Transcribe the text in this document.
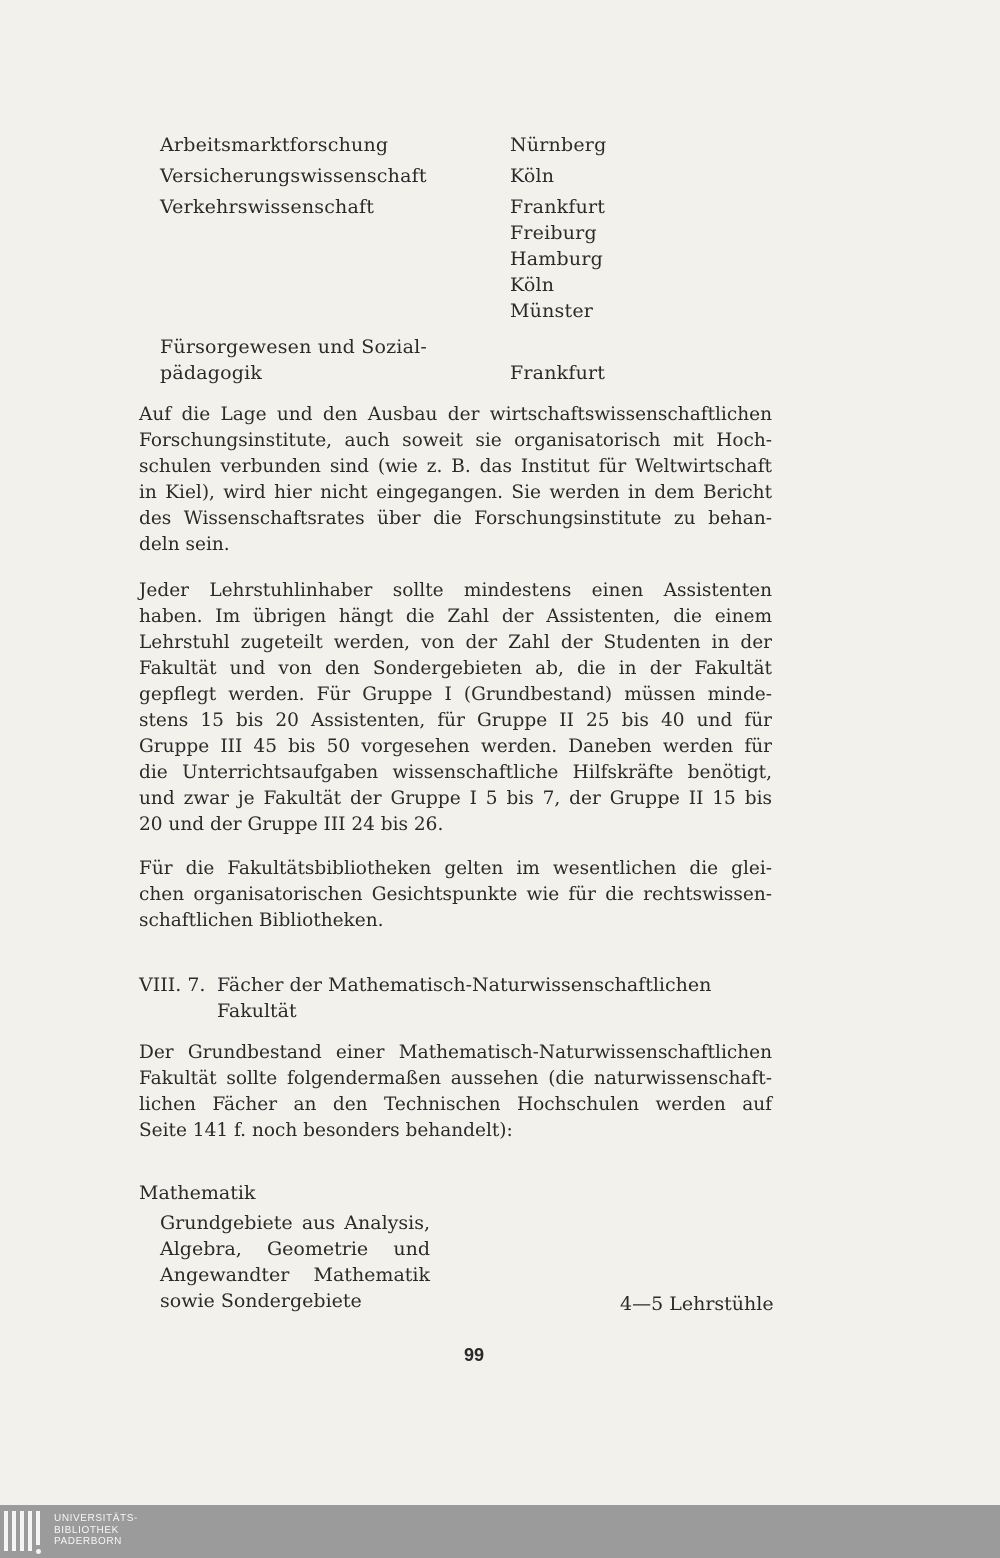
Arbeitsmarktforschung	Nürnberg
Versicherungswissenschaft	Köln
Verkehrswissenschaft	Frankfurt
Freiburg
Hamburg
Köln
Münster
Fürsorgewesen und Sozial-
pädagogik	Frankfurt
Auf die Lage und den Ausbau der wirtschaftswissenschaftlichen
Forschungsinstitute, auch soweit sie organisatorisch mit Hoch-
schulen verbunden sind (wie z. B. das Institut für Weltwirtschaft
in Kiel), wird hier nicht eingegangen. Sie werden in dem Bericht
des Wissenschaftsrates über die Forschungsinstitute zu behan-
deln sein.
Jeder Lehrstuhlinhaber sollte mindestens einen Assistenten
haben. Im übrigen hängt die Zahl der Assistenten, die einem
Lehrstuhl zugeteilt werden, von der Zahl der Studenten in der
Fakultät und von den Sondergebieten ab, die in der Fakultät
gepflegt werden. Für Gruppe I (Grundbestand) müssen minde-
stens 15 bis 20 Assistenten, für Gruppe II 25 bis 40 und für
Gruppe III 45 bis 50 vorgesehen werden. Daneben werden für
die Unterrichtsaufgaben wissenschaftliche Hilfskräfte benötigt,
und zwar je Fakultät der Gruppe I 5 bis 7, der Gruppe II 15 bis
20 und der Gruppe III 24 bis 26.
Für die Fakultätsbibliotheken gelten im wesentlichen die glei-
chen organisatorischen Gesichtspunkte wie für die rechtswissen-
schaftlichen Bibliotheken.
VIII. 7. Fächer der Mathematisch-Naturwissenschaftlichen
Fakultät
Der Grundbestand einer Mathematisch-Naturwissenschaftlichen
Fakultät sollte folgendermaßen aussehen (die naturwissenschaft-
lichen Fächer an den Technischen Hochschulen werden auf
Seite 141 f. noch besonders behandelt):
Mathematik
Grundgebiete aus Analysis,
Algebra, Geometrie und
Angewandter Mathematik
sowie Sondergebiete	4—5 Lehrstühle
99
UNIVERSITÄTS-
BIBLIOTHEK
PADERBORN
